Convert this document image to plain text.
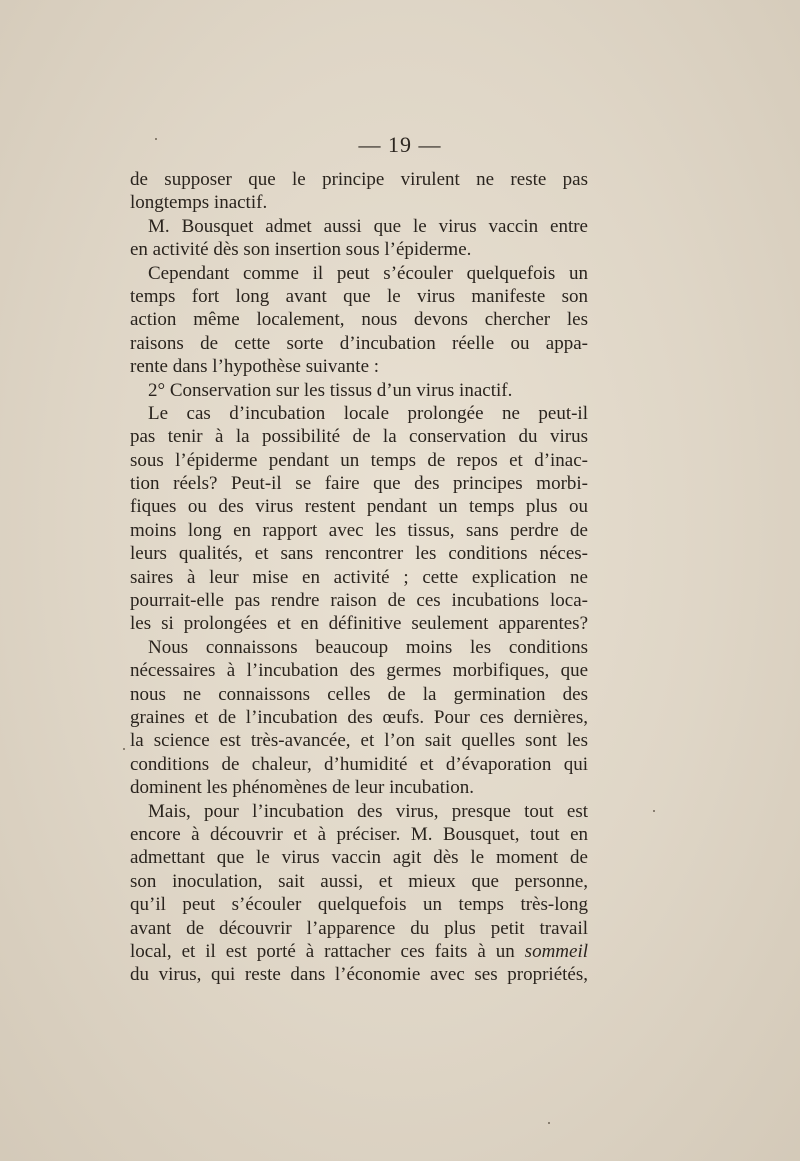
— 19 —
de supposer que le principe virulent ne reste pas
longtemps inactif.
M. Bousquet admet aussi que le virus vaccin entre
en activité dès son insertion sous l’épiderme.
Cependant comme il peut s’écouler quelquefois un
temps fort long avant que le virus manifeste son
action même localement, nous devons chercher les
raisons de cette sorte d’incubation réelle ou appa-
rente dans l’hypothèse suivante :
2° Conservation sur les tissus d’un virus inactif.
Le cas d’incubation locale prolongée ne peut-il
pas tenir à la possibilité de la conservation du virus
sous l’épiderme pendant un temps de repos et d’inac-
tion réels? Peut-il se faire que des principes morbi-
fiques ou des virus restent pendant un temps plus ou
moins long en rapport avec les tissus, sans perdre de
leurs qualités, et sans rencontrer les conditions néces-
saires à leur mise en activité ; cette explication ne
pourrait-elle pas rendre raison de ces incubations loca-
les si prolongées et en définitive seulement apparentes?
Nous connaissons beaucoup moins les conditions
nécessaires à l’incubation des germes morbifiques, que
nous ne connaissons celles de la germination des
graines et de l’incubation des œufs. Pour ces dernières,
la science est très-avancée, et l’on sait quelles sont les
conditions de chaleur, d’humidité et d’évaporation qui
dominent les phénomènes de leur incubation.
Mais, pour l’incubation des virus, presque tout est
encore à découvrir et à préciser. M. Bousquet, tout en
admettant que le virus vaccin agit dès le moment de
son inoculation, sait aussi, et mieux que personne,
qu’il peut s’écouler quelquefois un temps très-long
avant de découvrir l’apparence du plus petit travail
local, et il est porté à rattacher ces faits à un sommeil
du virus, qui reste dans l’économie avec ses propriétés,
